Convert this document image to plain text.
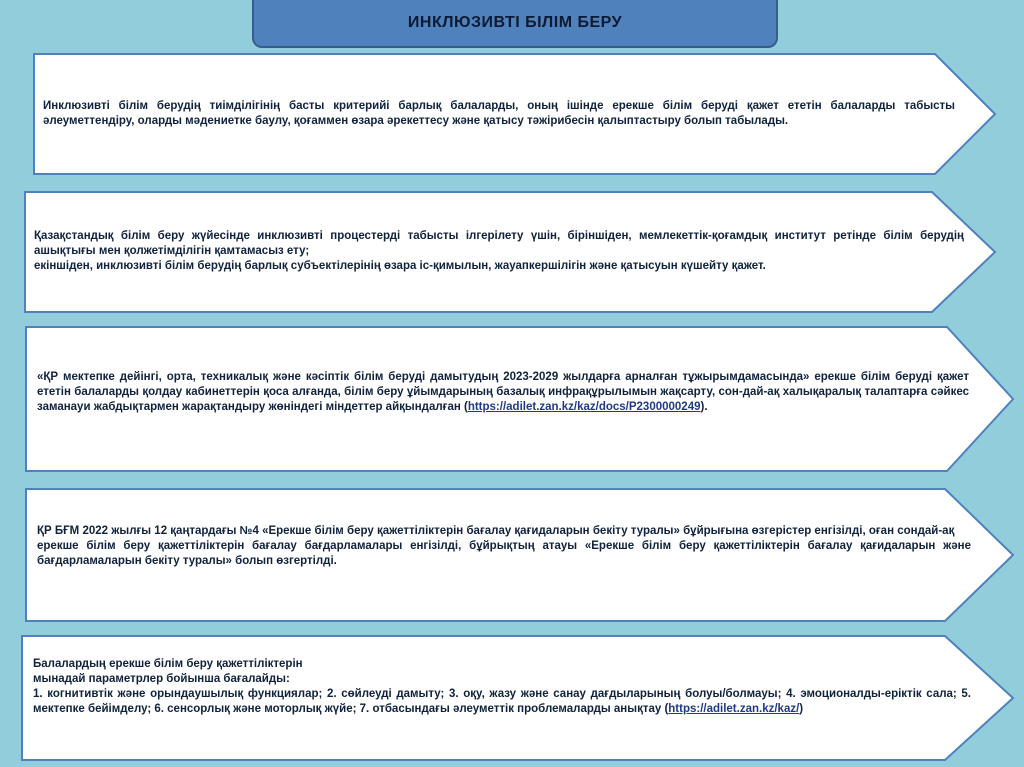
ИНКЛЮЗИВТІ БІЛІМ БЕРУ

Инклюзивті білім берудің тиімділігінің басты критерийі барлық балаларды, оның ішінде ерекше білім беруді қажет ететін балаларды табысты әлеуметтендіру, оларды мәдениетке баулу, қоғаммен өзара әрекеттесу және қатысу тәжірибесін қалыптастыру болып табылады.

Қазақстандық білім беру жүйесінде инклюзивті процестерді табысты ілгерілету үшін, біріншіден, мемлекеттік-қоғамдық институт ретінде білім берудің ашықтығы мен қолжетімділігін қамтамасыз ету;

екіншіден, инклюзивті білім берудің барлық субъектілерінің өзара іс-қимылын, жауапкершілігін және қатысуын күшейту қажет.

«ҚР мектепке дейінгі, орта, техникалық және кәсіптік білім беруді дамытудың 2023-2029 жылдарға арналған тұжырымдамасында» ерекше білім беруді қажет ететін балаларды қолдау кабинеттерін қоса алғанда, білім беру ұйымдарының базалық инфрақұрылымын жақсарту, сон-дай-ақ халықаралық талаптарға сәйкес заманауи жабдықтармен жарақтандыру жөніндегі міндеттер айқындалған (https://adilet.zan.kz/kaz/docs/P2300000249).

ҚР БҒМ 2022 жылғы 12 қаңтардағы №4 «Ерекше білім беру қажеттіліктерін бағалау қағидаларын бекіту туралы» бұйрығына өзгерістер енгізілді, оған сондай-ақ

ерекше білім беру қажеттіліктерін бағалау бағдарламалары енгізілді, бұйрықтың атауы «Ерекше білім беру қажеттіліктерін бағалау қағидаларын және бағдарламаларын бекіту туралы» болып өзгертілді.

Балалардың ерекше білім беру қажеттіліктерін

мынадай параметрлер бойынша бағалайды:

1. когнитивтік және орындаушылық функциялар; 2. сөйлеуді дамыту; 3. оқу, жазу және санау дағдыларының болуы/болмауы; 4. эмоционалды-еріктік сала; 5. мектепке бейімделу; 6. сенсорлық және моторлық жүйе; 7. отбасындағы әлеуметтік проблемаларды анықтау (https://adilet.zan.kz/kaz/)
